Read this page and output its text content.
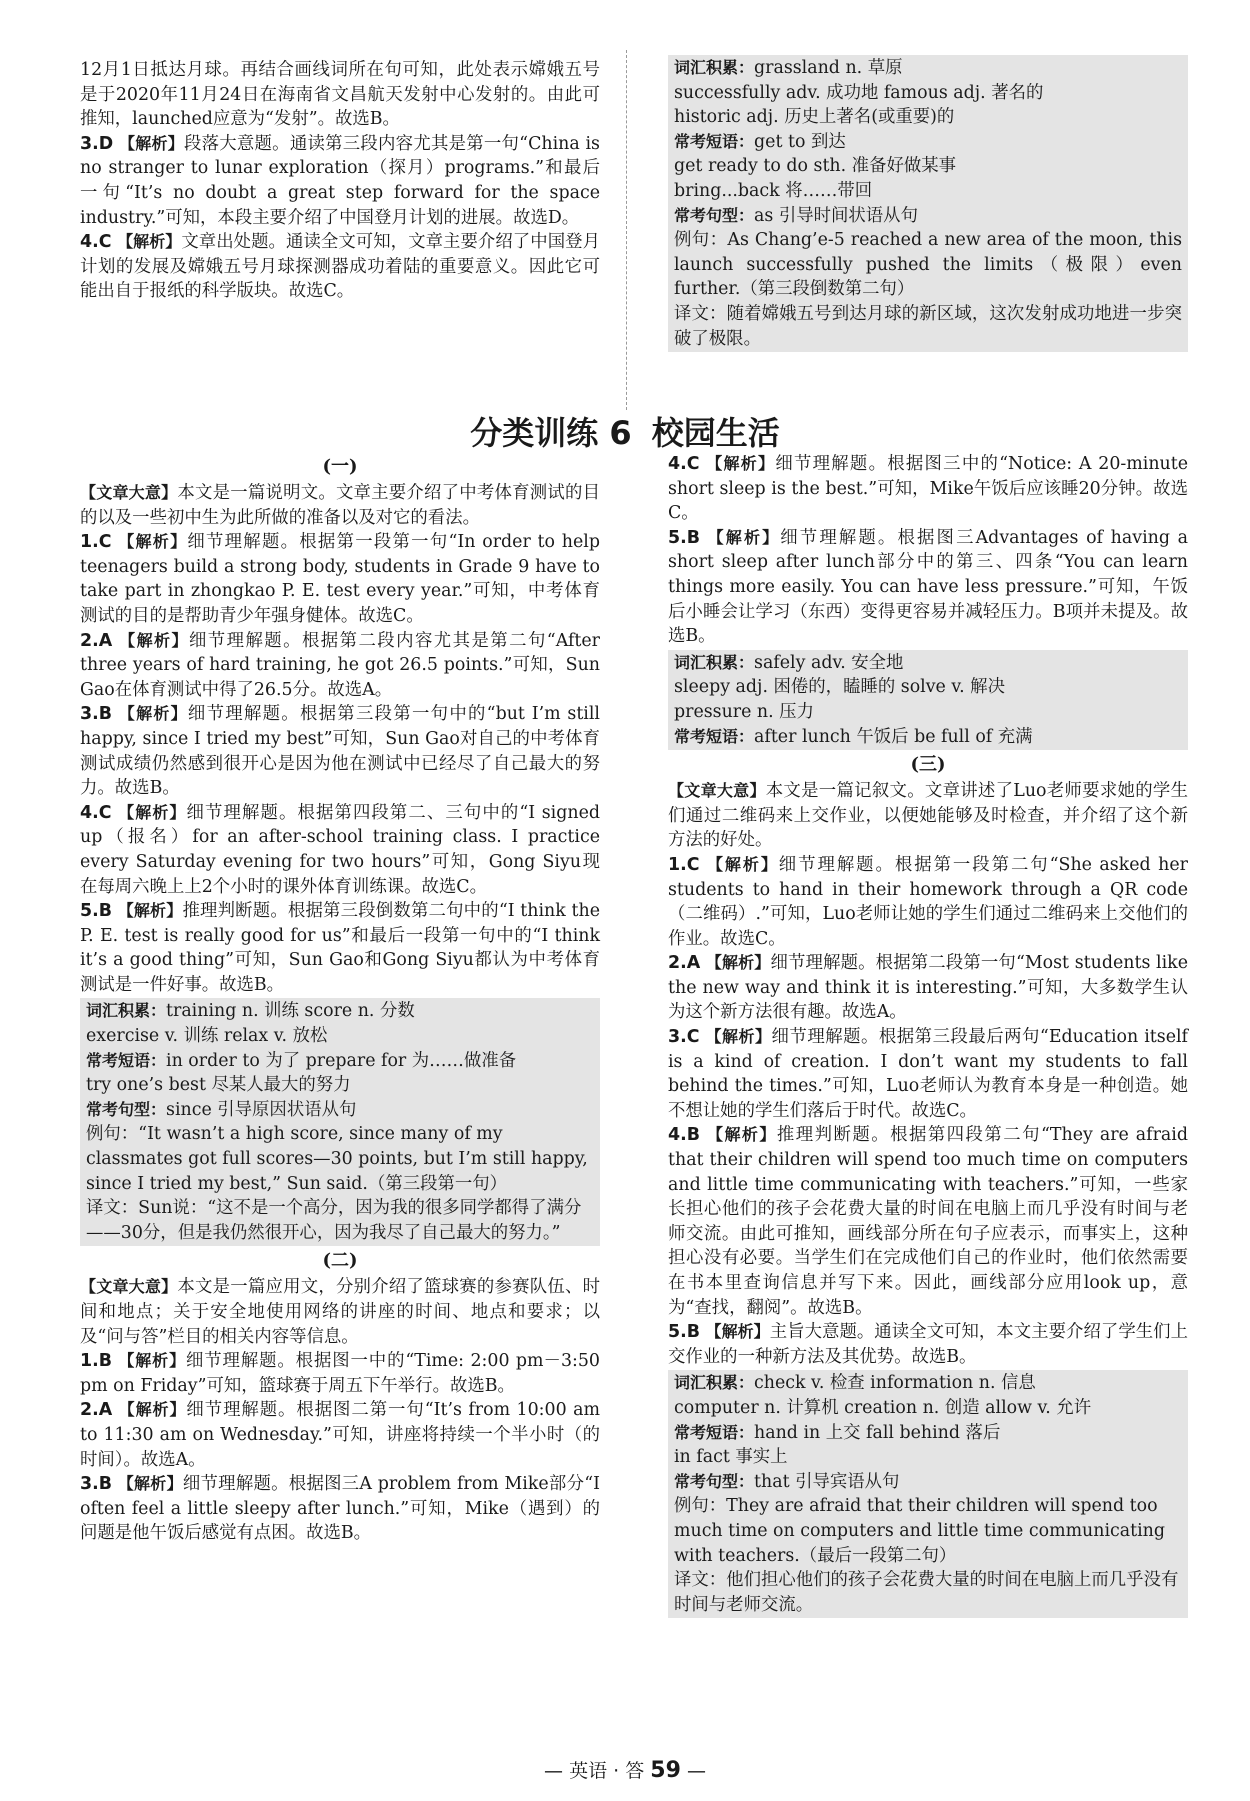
12月1日抵达月球。再结合画线词所在句可知，此处表示嫦娥五号是于2020年11月24日在海南省文昌航天发射中心发射的。由此可推知，launched应意为“发射”。故选B。

3.D 【解析】段落大意题。通读第三段内容尤其是第一句“China is no stranger to lunar exploration（探月）programs.”和最后一句“It’s no doubt a great step forward for the space industry.”可知，本段主要介绍了中国登月计划的进展。故选D。

4.C 【解析】文章出处题。通读全文可知，文章主要介绍了中国登月计划的发展及嫦娥五号月球探测器成功着陆的重要意义。因此它可能出自于报纸的科学版块。故选C。

词汇积累：grassland n. 草原

successfully adv. 成功地 famous adj. 著名的

historic adj. 历史上著名(或重要)的

常考短语：get to 到达

get ready to do sth. 准备好做某事

bring...back 将……带回

常考句型：as 引导时间状语从句

例句：As Chang’e-5 reached a new area of the moon, this launch successfully pushed the limits（极限）even further.（第三段倒数第二句）

译文：随着嫦娥五号到达月球的新区域，这次发射成功地进一步突破了极限。

分类训练 6 校园生活
(一)

【文章大意】本文是一篇说明文。文章主要介绍了中考体育测试的目的以及一些初中生为此所做的准备以及对它的看法。

1.C 【解析】细节理解题。根据第一段第一句“In order to help teenagers build a strong body, students in Grade 9 have to take part in zhongkao P. E. test every year.”可知，中考体育测试的目的是帮助青少年强身健体。故选C。

2.A 【解析】细节理解题。根据第二段内容尤其是第二句“After three years of hard training, he got 26.5 points.”可知，Sun Gao在体育测试中得了26.5分。故选A。

3.B 【解析】细节理解题。根据第三段第一句中的“but I’m still happy, since I tried my best”可知，Sun Gao对自己的中考体育测试成绩仍然感到很开心是因为他在测试中已经尽了自己最大的努力。故选B。

4.C 【解析】细节理解题。根据第四段第二、三句中的“I signed up（报名）for an after-school training class. I practice every Saturday evening for two hours”可知，Gong Siyu现在每周六晚上上2个小时的课外体育训练课。故选C。

5.B 【解析】推理判断题。根据第三段倒数第二句中的“I think the P. E. test is really good for us”和最后一段第一句中的“I think it’s a good thing”可知，Sun Gao和Gong Siyu都认为中考体育测试是一件好事。故选B。

词汇积累：training n. 训练 score n. 分数

exercise v. 训练 relax v. 放松

常考短语：in order to 为了 prepare for 为……做准备

try one’s best 尽某人最大的努力

常考句型：since 引导原因状语从句

例句：“It wasn’t a high score, since many of my classmates got full scores—30 points, but I’m still happy, since I tried my best,” Sun said.（第三段第一句）

译文：Sun说：“这不是一个高分，因为我的很多同学都得了满分——30分，但是我仍然很开心，因为我尽了自己最大的努力。”

(二)

【文章大意】本文是一篇应用文，分别介绍了篮球赛的参赛队伍、时间和地点；关于安全地使用网络的讲座的时间、地点和要求；以及“问与答”栏目的相关内容等信息。

1.B 【解析】细节理解题。根据图一中的“Time: 2:00 pm－3:50 pm on Friday”可知，篮球赛于周五下午举行。故选B。

2.A 【解析】细节理解题。根据图二第一句“It’s from 10:00 am to 11:30 am on Wednesday.”可知，讲座将持续一个半小时（的时间）。故选A。

3.B 【解析】细节理解题。根据图三A problem from Mike部分“I often feel a little sleepy after lunch.”可知，Mike（遇到）的问题是他午饭后感觉有点困。故选B。

4.C 【解析】细节理解题。根据图三中的“Notice: A 20-minute short sleep is the best.”可知，Mike午饭后应该睡20分钟。故选C。

5.B 【解析】细节理解题。根据图三Advantages of having a short sleep after lunch部分中的第三、四条“You can learn things more easily. You can have less pressure.”可知，午饭后小睡会让学习（东西）变得更容易并减轻压力。B项并未提及。故选B。

词汇积累：safely adv. 安全地

sleepy adj. 困倦的，瞌睡的 solve v. 解决

pressure n. 压力

常考短语：after lunch 午饭后 be full of 充满

(三)

【文章大意】本文是一篇记叙文。文章讲述了Luo老师要求她的学生们通过二维码来上交作业，以便她能够及时检查，并介绍了这个新方法的好处。

1.C 【解析】细节理解题。根据第一段第二句“She asked her students to hand in their homework through a QR code（二维码）.”可知，Luo老师让她的学生们通过二维码来上交他们的作业。故选C。

2.A 【解析】细节理解题。根据第二段第一句“Most students like the new way and think it is interesting.”可知，大多数学生认为这个新方法很有趣。故选A。

3.C 【解析】细节理解题。根据第三段最后两句“Education itself is a kind of creation. I don’t want my students to fall behind the times.”可知，Luo老师认为教育本身是一种创造。她不想让她的学生们落后于时代。故选C。

4.B 【解析】推理判断题。根据第四段第二句“They are afraid that their children will spend too much time on computers and little time communicating with teachers.”可知，一些家长担心他们的孩子会花费大量的时间在电脑上而几乎没有时间与老师交流。由此可推知，画线部分所在句子应表示，而事实上，这种担心没有必要。当学生们在完成他们自己的作业时，他们依然需要在书本里查询信息并写下来。因此，画线部分应用look up，意为“查找，翻阅”。故选B。

5.B 【解析】主旨大意题。通读全文可知，本文主要介绍了学生们上交作业的一种新方法及其优势。故选B。

词汇积累：check v. 检查 information n. 信息

computer n. 计算机 creation n. 创造 allow v. 允许

常考短语：hand in 上交 fall behind 落后

in fact 事实上

常考句型：that 引导宾语从句

例句：They are afraid that their children will spend too much time on computers and little time communicating with teachers.（最后一段第二句）

译文：他们担心他们的孩子会花费大量的时间在电脑上而几乎没有时间与老师交流。

— 英语 · 答 59 —
